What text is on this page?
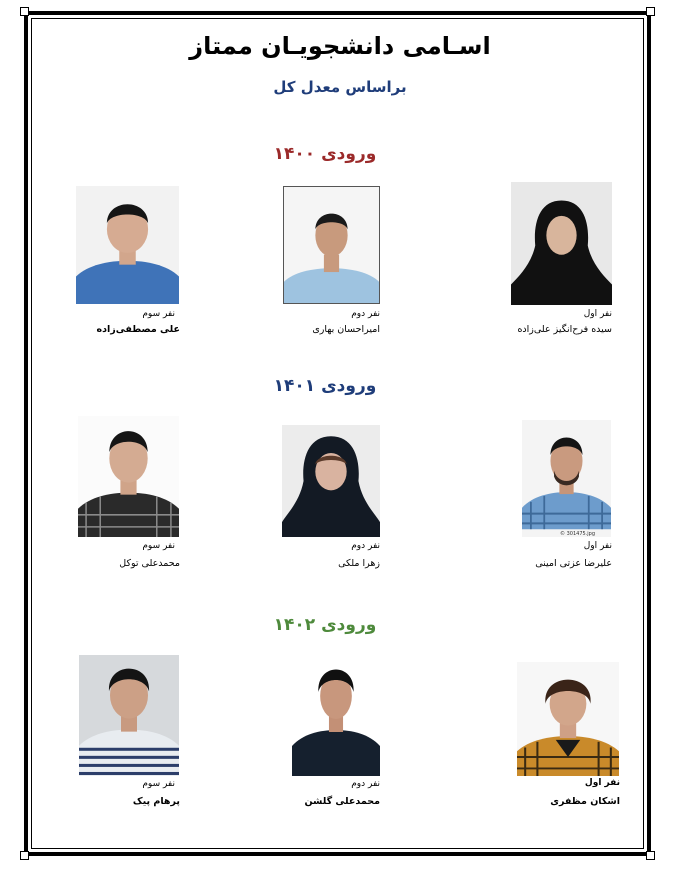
اسـامی دانشجویـان ممتاز
براساس معدل کل
ورودی ۱۴۰۰
نفر اول
سیده فرح‌انگیز علی‌زاده
نفر دوم
امیراحسان بهاری
نفر سوم
علی مصطفی‌زاده
ورودی ۱۴۰۱
© 301475.jpg
نفر اول
علیرضا عزتی امینی
نفر دوم
زهرا ملکی
نفر سوم
محمدعلی توکل
ورودی ۱۴۰۲
نفر اول
اشکان مظفری
نفر دوم
محمدعلی گلشن
نفر سوم
پرهام پیک
